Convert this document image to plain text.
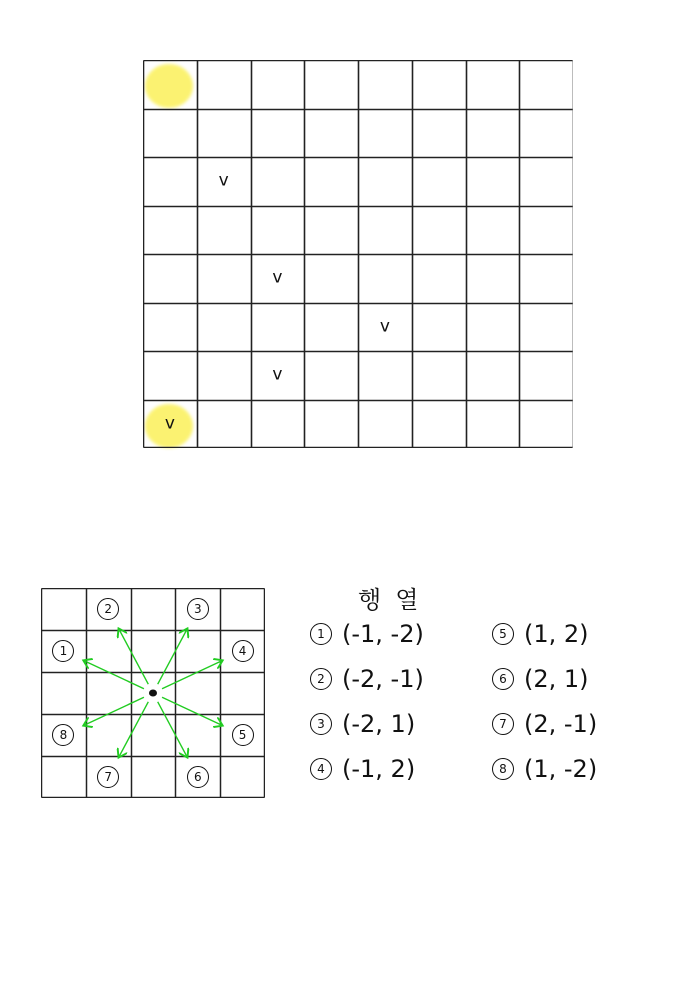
v
v
v
v
v
1
2	3
4
5
6
7
8
행열
1 (-1, -2)
2 (-2, -1)
3 (-2, 1)
4 (-1, 2)
5 (1, 2)
6 (2, 1)
7 (2, -1)
8 (1, -2)
